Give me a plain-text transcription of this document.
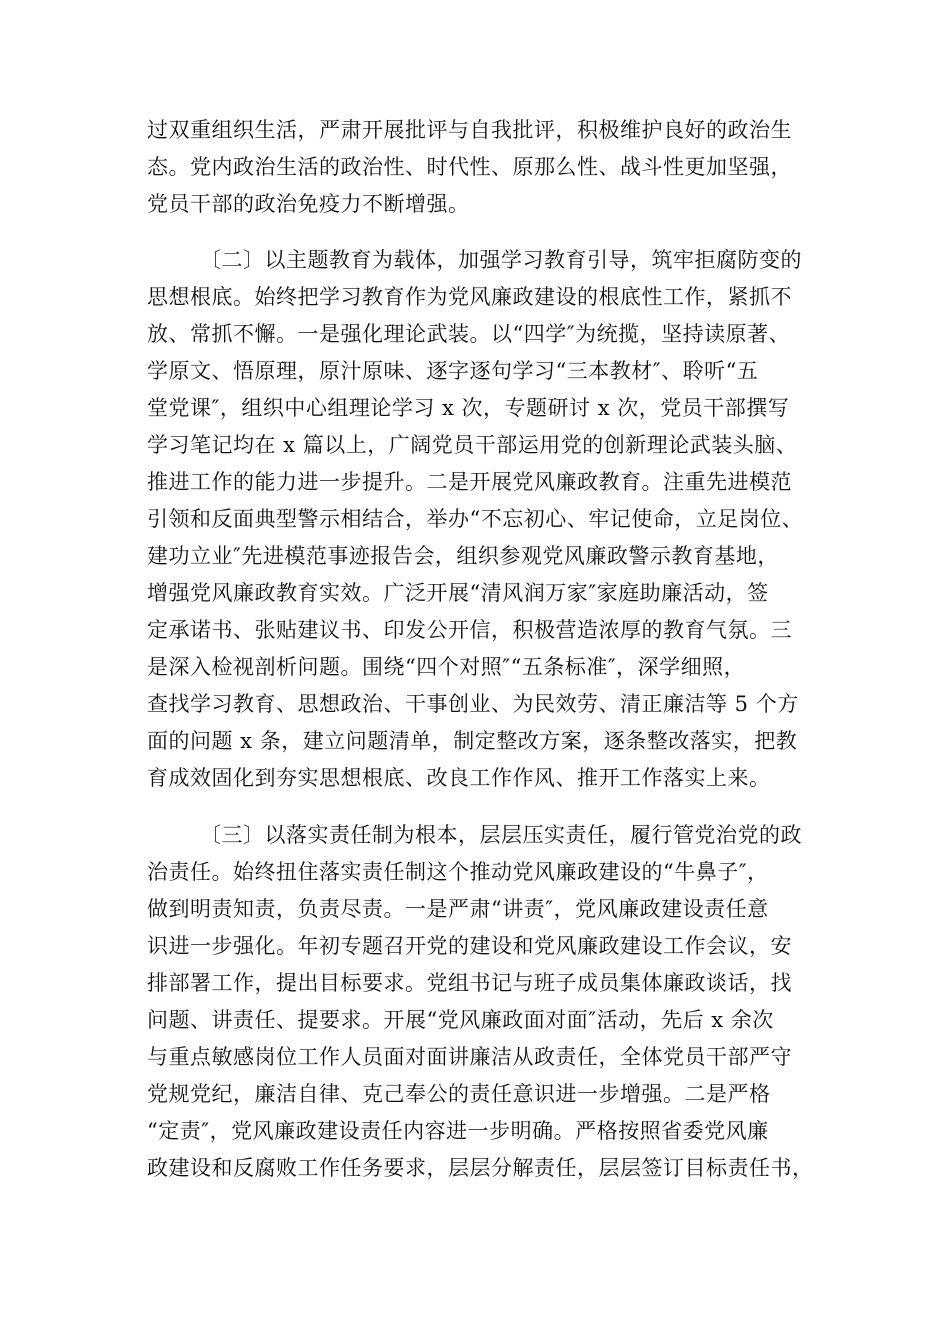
过双重组织生活，严肃开展批评与自我批评，积极维护良好的政治生

态。党内政治生活的政治性、时代性、原那么性、战斗性更加坚强，

党员干部的政治免疫力不断增强。

〔二〕以主题教育为载体，加强学习教育引导，筑牢拒腐防变的

思想根底。始终把学习教育作为党风廉政建设的根底性工作，紧抓不

放、常抓不懈。一是强化理论武装。以“四学″为统揽，坚持读原著、

学原文、悟原理，原汁原味、逐字逐句学习“三本教材″、聆听“五

堂党课″，组织中心组理论学习 x 次，专题研讨 x 次，党员干部撰写

学习笔记均在 x 篇以上，广阔党员干部运用党的创新理论武装头脑、

推进工作的能力进一步提升。二是开展党风廉政教育。注重先进模范

引领和反面典型警示相结合，举办“不忘初心、牢记使命，立足岗位、

建功立业″先进模范事迹报告会，组织参观党风廉政警示教育基地，

增强党风廉政教育实效。广泛开展“清风润万家″家庭助廉活动，签

定承诺书、张贴建议书、印发公开信，积极营造浓厚的教育气氛。三

是深入检视剖析问题。围绕“四个对照″“五条标准″，深学细照，

查找学习教育、思想政治、干事创业、为民效劳、清正廉洁等 5 个方

面的问题 x 条，建立问题清单，制定整改方案，逐条整改落实，把教

育成效固化到夯实思想根底、改良工作作风、推开工作落实上来。

〔三〕以落实责任制为根本，层层压实责任，履行管党治党的政

治责任。始终扭住落实责任制这个推动党风廉政建设的“牛鼻子″，

做到明责知责，负责尽责。一是严肃“讲责″，党风廉政建设责任意

识进一步强化。年初专题召开党的建设和党风廉政建设工作会议，安

排部署工作，提出目标要求。党组书记与班子成员集体廉政谈话，找

问题、讲责任、提要求。开展“党风廉政面对面″活动，先后 x 余次

与重点敏感岗位工作人员面对面讲廉洁从政责任，全体党员干部严守

党规党纪，廉洁自律、克己奉公的责任意识进一步增强。二是严格

“定责″，党风廉政建设责任内容进一步明确。严格按照省委党风廉

政建设和反腐败工作任务要求，层层分解责任，层层签订目标责任书，
